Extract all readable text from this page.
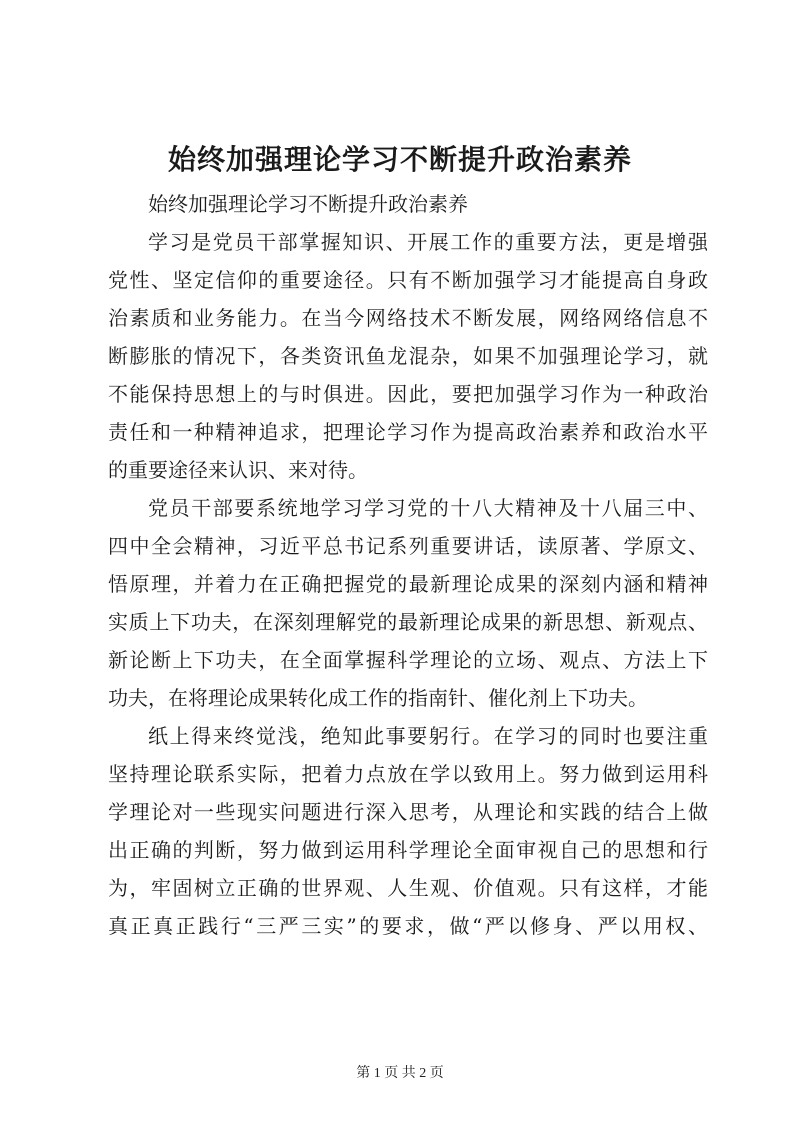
始终加强理论学习不断提升政治素养

始终加强理论学习不断提升政治素养

学习是党员干部掌握知识、开展工作的重要方法，更是增强
党性、坚定信仰的重要途径。只有不断加强学习才能提高自身政
治素质和业务能力。在当今网络技术不断发展，网络网络信息不
断膨胀的情况下，各类资讯鱼龙混杂，如果不加强理论学习，就
不能保持思想上的与时俱进。因此，要把加强学习作为一种政治
责任和一种精神追求，把理论学习作为提高政治素养和政治水平
的重要途径来认识、来对待。
党员干部要系统地学习学习党的十八大精神及十八届三中、
四中全会精神，习近平总书记系列重要讲话，读原著、学原文、
悟原理，并着力在正确把握党的最新理论成果的深刻内涵和精神
实质上下功夫，在深刻理解党的最新理论成果的新思想、新观点、
新论断上下功夫，在全面掌握科学理论的立场、观点、方法上下
功夫，在将理论成果转化成工作的指南针、催化剂上下功夫。
纸上得来终觉浅，绝知此事要躬行。在学习的同时也要注重
坚持理论联系实际，把着力点放在学以致用上。努力做到运用科
学理论对一些现实问题进行深入思考，从理论和实践的结合上做
出正确的判断，努力做到运用科学理论全面审视自己的思想和行
为，牢固树立正确的世界观、人生观、价值观。只有这样，才能
真正真正践行“三严三实”的要求，做“严以修身、严以用权、
第 1 页 共 2 页
